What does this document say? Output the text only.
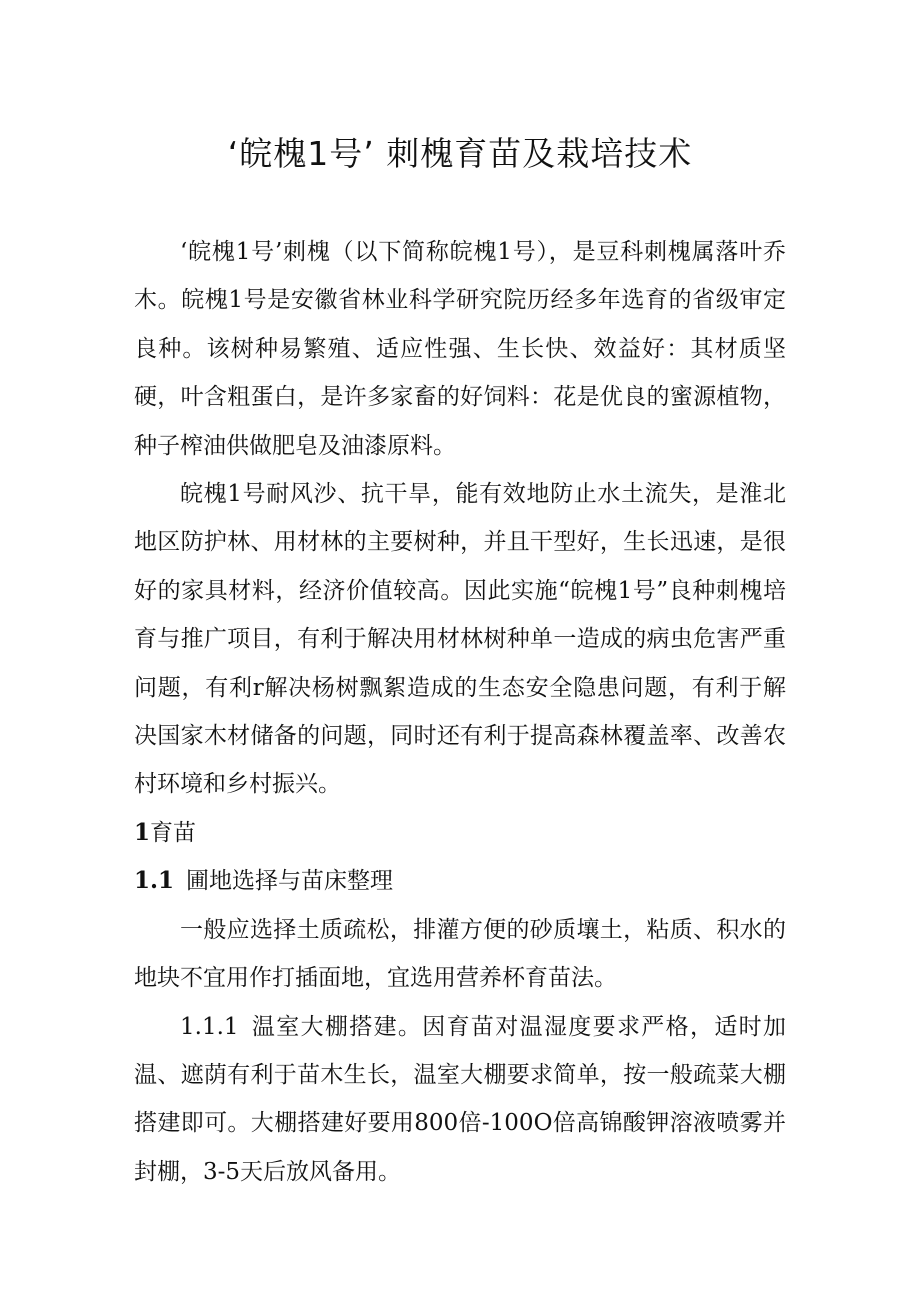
‘皖槐1号’ 刺槐育苗及栽培技术

‘皖槐1号’刺槐（以下简称皖槐1号），是豆科刺槐属落叶乔木。皖槐1号是安徽省林业科学研究院历经多年选育的省级审定良种。该树种易繁殖、适应性强、生长快、效益好：其材质坚硬，叶含粗蛋白，是许多家畜的好饲料：花是优良的蜜源植物，种子榨油供做肥皂及油漆原料。

皖槐1号耐风沙、抗干旱，能有效地防止水土流失，是淮北地区防护林、用材林的主要树种，并且干型好，生长迅速，是很好的家具材料，经济价值较高。因此实施“皖槐1号”良种刺槐培育与推广项目，有利于解决用材林树种单一造成的病虫危害严重问题，有利r解决杨树飘絮造成的生态安全隐患问题，有利于解决国家木材储备的问题，同时还有利于提高森林覆盖率、改善农村环境和乡村振兴。

1育苗

1.1 圃地选择与苗床整理

一般应选择土质疏松，排灌方便的砂质壤土，粘质、积水的地块不宜用作打插面地，宜选用营养杯育苗法。

1.1.1 温室大棚搭建。因育苗对温湿度要求严格，适时加温、遮荫有利于苗木生长，温室大棚要求简单，按一般疏菜大棚搭建即可。大棚搭建好要用800倍-100O倍高锦酸钾溶液喷雾并封棚，3-5天后放风备用。
